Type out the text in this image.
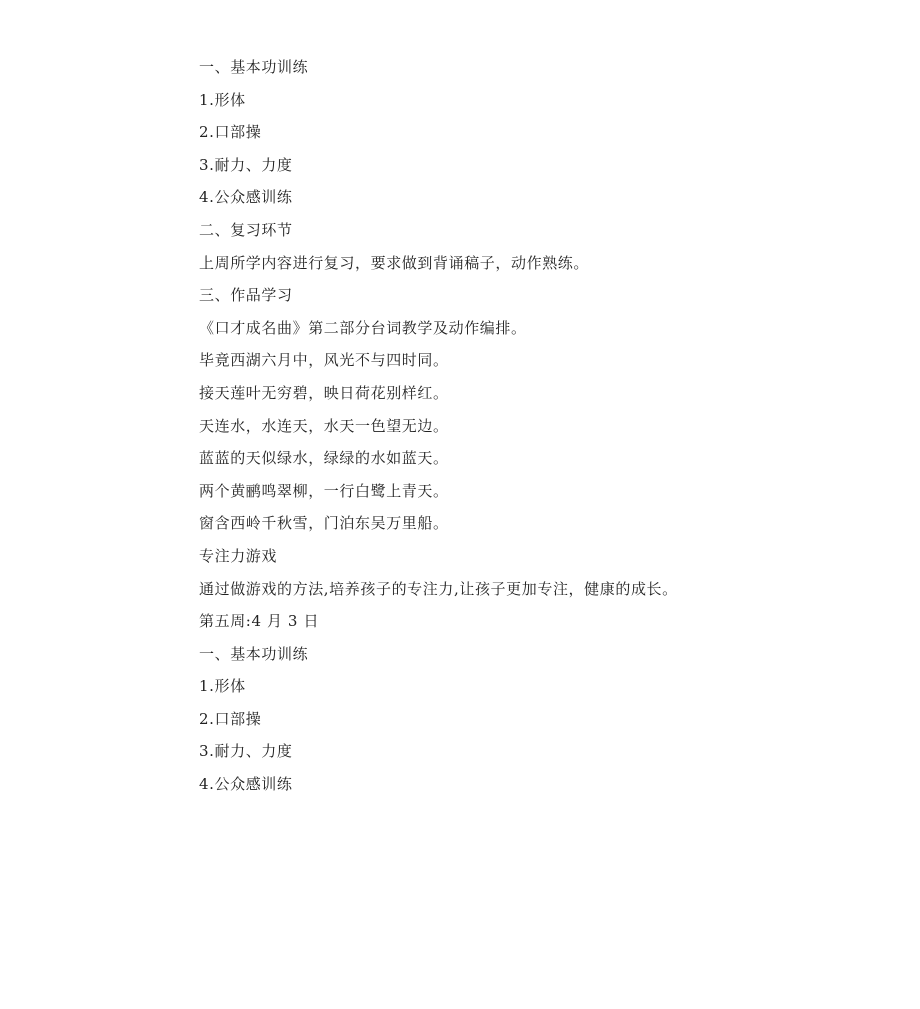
一、基本功训练
1.形体
2.口部操
3.耐力、力度
4.公众感训练
二、复习环节
上周所学内容进行复习，要求做到背诵稿子，动作熟练。
三、作品学习
《口才成名曲》第二部分台词教学及动作编排。
毕竟西湖六月中，风光不与四时同。
接天莲叶无穷碧，映日荷花别样红。
天连水，水连天，水天一色望无边。
蓝蓝的天似绿水，绿绿的水如蓝天。
两个黄鹂鸣翠柳，一行白鹭上青天。
窗含西岭千秋雪，门泊东吴万里船。
专注力游戏
通过做游戏的方法,培养孩子的专注力,让孩子更加专注，健康的成长。
第五周:4 月 3 日
一、基本功训练
1.形体
2.口部操
3.耐力、力度
4.公众感训练
